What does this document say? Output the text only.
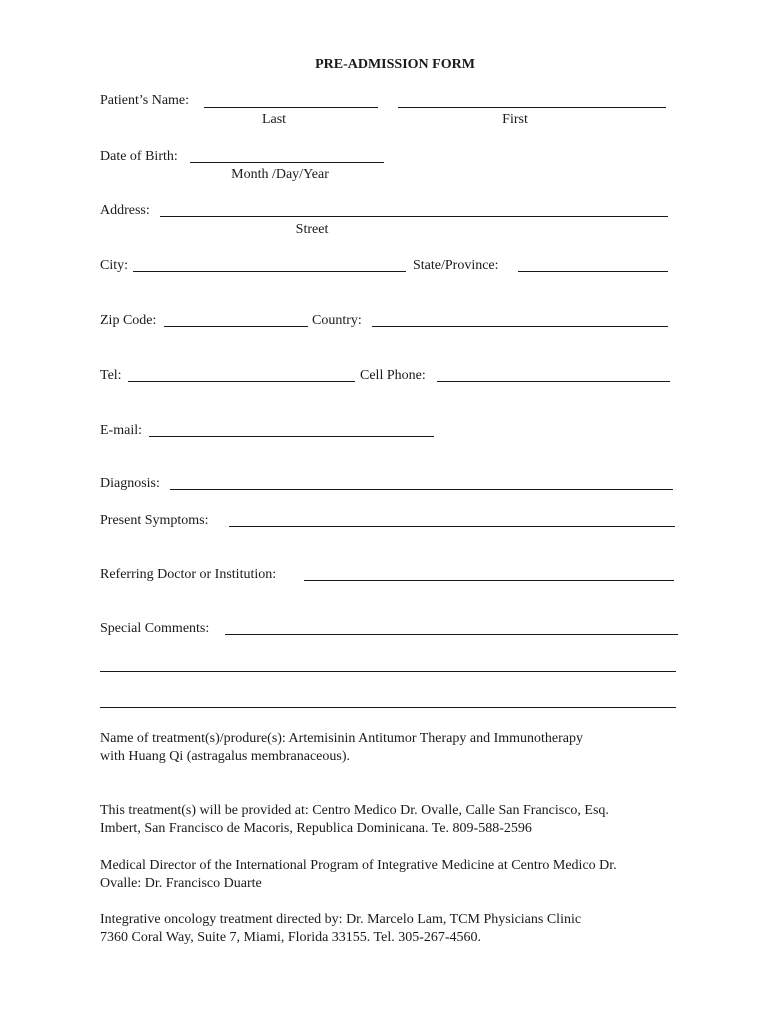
PRE-ADMISSION FORM
Patient’s Name:
Last	First
Date of Birth:
Month /Day/Year
Address:
Street
City:	State/Province:
Zip Code:	Country:
Tel:	Cell Phone:
E-mail:
Diagnosis:
Present Symptoms:
Referring Doctor or Institution:
Special Comments:
Name of treatment(s)/produre(s): Artemisinin Antitumor Therapy and Immunotherapy
with Huang Qi (astragalus membranaceous).
This treatment(s) will be provided at: Centro Medico Dr. Ovalle, Calle San Francisco, Esq.
Imbert, San Francisco de Macoris, Republica Dominicana. Te. 809-588-2596
Medical Director of the International Program of Integrative Medicine at Centro Medico Dr.
Ovalle: Dr. Francisco Duarte
Integrative oncology treatment directed by: Dr. Marcelo Lam, TCM Physicians Clinic
7360 Coral Way, Suite 7, Miami, Florida 33155. Tel. 305-267-4560.
